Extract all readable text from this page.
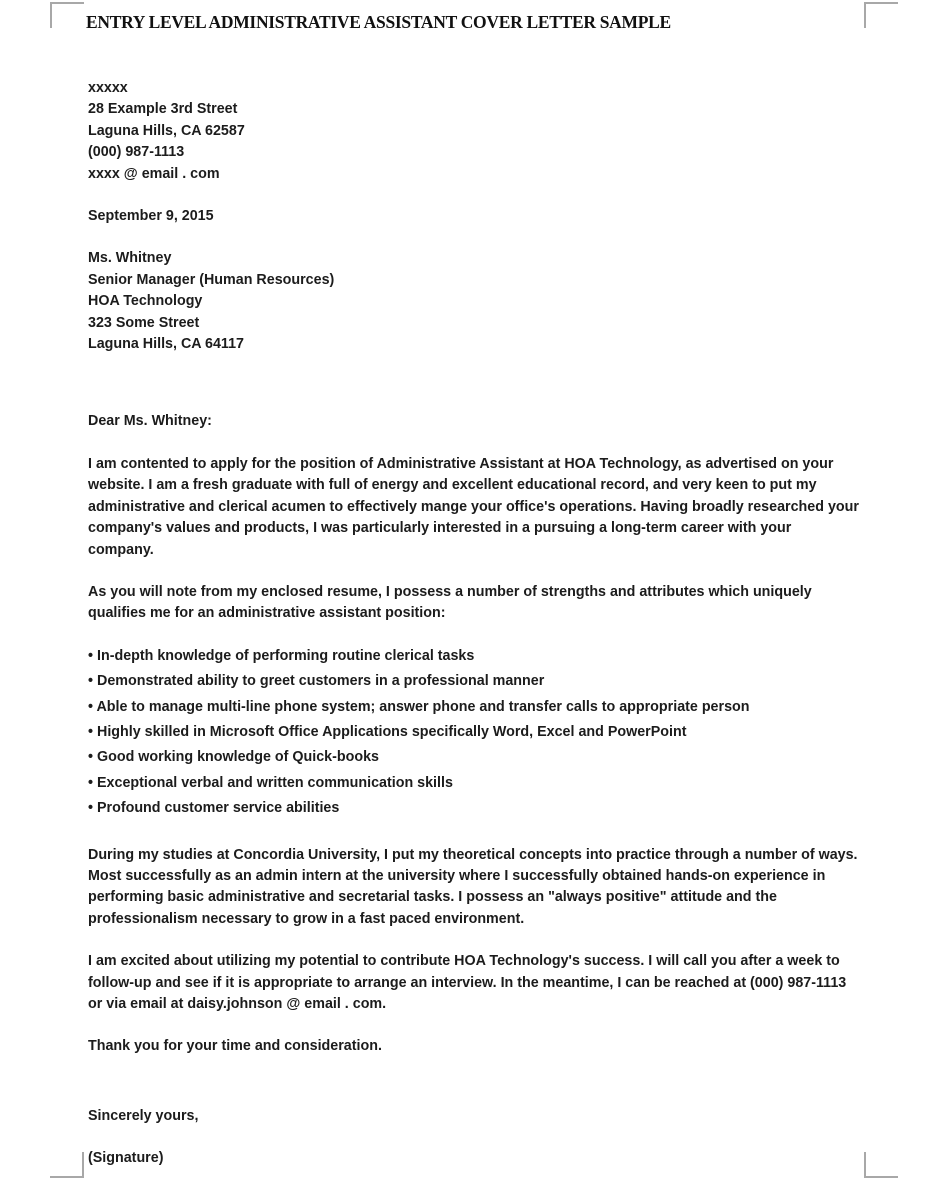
ENTRY LEVEL ADMINISTRATIVE ASSISTANT COVER LETTER SAMPLE
xxxxx
28 Example 3rd Street
Laguna Hills, CA 62587
(000) 987-1113
xxxx @ email . com
September 9, 2015
Ms. Whitney
Senior Manager (Human Resources)
HOA Technology
323 Some Street
Laguna Hills, CA 64117

Dear Ms. Whitney:

I am contented to apply for the position of Administrative Assistant at HOA Technology, as advertised on your website. I am a fresh graduate with full of energy and excellent educational record, and very keen to put my administrative and clerical acumen to effectively mange your office's operations. Having broadly researched your company's values and products, I was particularly interested in a pursuing a long-term career with your company.

As you will note from my enclosed resume, I possess a number of strengths and attributes which uniquely qualifies me for an administrative assistant position:

• In-depth knowledge of performing routine clerical tasks
• Demonstrated ability to greet customers in a professional manner
• Able to manage multi-line phone system; answer phone and transfer calls to appropriate person
• Highly skilled in Microsoft Office Applications specifically Word, Excel and PowerPoint
• Good working knowledge of Quick-books
• Exceptional verbal and written communication skills
• Profound customer service abilities

During my studies at Concordia University, I put my theoretical concepts into practice through a number of ways. Most successfully as an admin intern at the university where I successfully obtained hands-on experience in performing basic administrative and secretarial tasks. I possess an "always positive" attitude and the professionalism necessary to grow in a fast paced environment.

I am excited about utilizing my potential to contribute HOA Technology's success. I will call you after a week to follow-up and see if it is appropriate to arrange an interview. In the meantime, I can be reached at (000) 987-1113 or via email at daisy.johnson @ email . com.

Thank you for your time and consideration.

Sincerely yours,

(Signature)
